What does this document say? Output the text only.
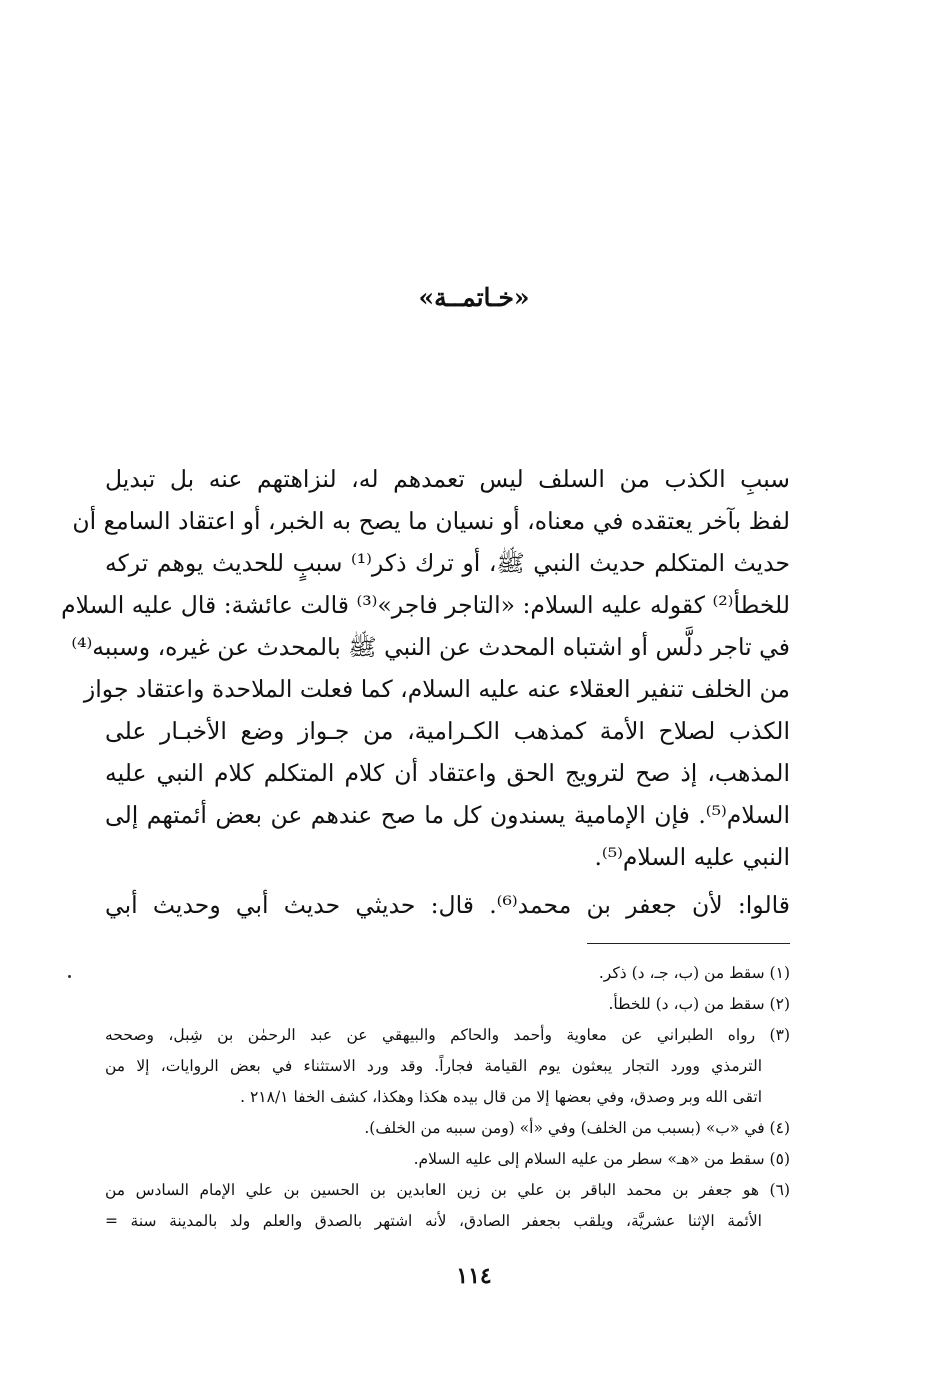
«خـاتمــة»
سببِ الكذب من السلف ليس تعمدهم له، لنزاهتهم عنه بل تبديل
لفظ بآخر يعتقده في معناه، أو نسيان ما يصح به الخبر، أو اعتقاد السامع أن
حديث المتكلم حديث النبي ﷺ، أو ترك ذكر⁽¹⁾ سببٍ للحديث يوهم تركه
للخطأ⁽²⁾ كقوله عليه السلام: «التاجر فاجر»⁽³⁾ قالت عائشة: قال عليه السلام
في تاجر دلَّس أو اشتباه المحدث عن النبي ﷺ بالمحدث عن غيره، وسببه⁽⁴⁾
من الخلف تنفير العقلاء عنه عليه السلام، كما فعلت الملاحدة واعتقاد جواز
الكذب لصلاح الأمة كمذهب الكـرامية، من جـواز وضع الأخبـار على
المذهب، إذ صح لترويج الحق واعتقاد أن كلام المتكلم كلام النبي عليه
السلام⁽⁵⁾. فإن الإمامية يسندون كل ما صح عندهم عن بعض أئمتهم إلى
النبي عليه السلام⁽⁵⁾.
قالوا: لأن جعفر بن محمد⁽⁶⁾. قال: حديثي حديث أبي وحديث أبي
(١) سقط من (ب، جـ، د) ذكر.
(٢) سقط من (ب، د) للخطأ.
(٣) رواه الطبراني عن معاوية وأحمد والحاكم والبيهقي عن عبد الرحمٰن بن شِبل، وصححه
الترمذي وورد التجار يبعثون يوم القيامة فجاراً. وقد ورد الاستثناء في بعض الروايات، إلا من
اتقى الله وبر وصدق، وفي بعضها إلا من قال بيده هكذا وهكذا، كشف الخفا ٢١٨/١ .
(٤) في «ب» (بسبب من الخلف) وفي «أ» (ومن سببه من الخلف).
(٥) سقط من «هـ» سطر من عليه السلام إلى عليه السلام.
(٦) هو جعفر بن محمد الباقر بن علي بن زين العابدين بن الحسين بن علي الإمام السادس من
الأئمة الإثنا عشريَّة، ويلقب بجعفر الصادق، لأنه اشتهر بالصدق والعلم ولد بالمدينة سنة =
١١٤
